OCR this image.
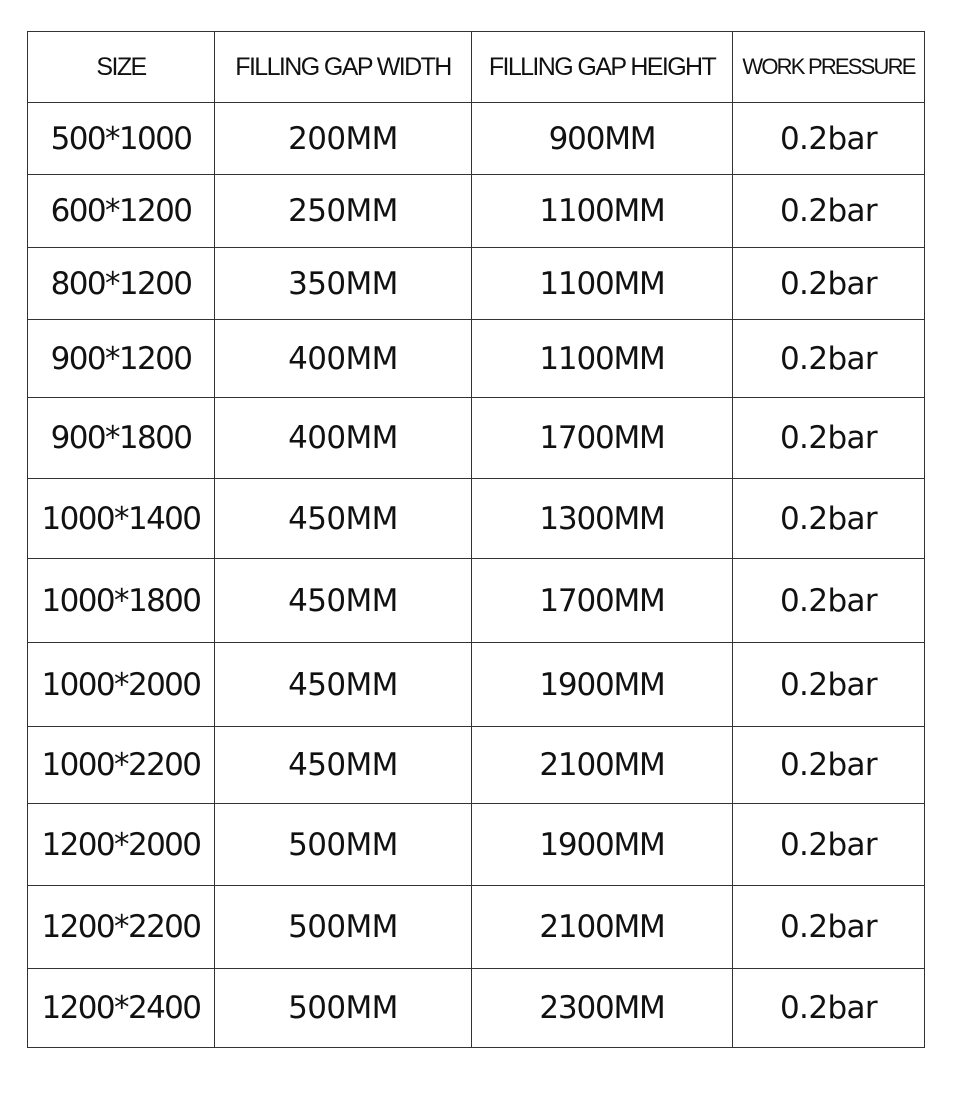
SIZE	FILLING GAP WIDTH	FILLING GAP HEIGHT	WORK PRESSURE
500*1000	200MM	900MM	0.2bar
600*1200	250MM	1100MM	0.2bar
800*1200	350MM	1100MM	0.2bar
900*1200	400MM	1100MM	0.2bar
900*1800	400MM	1700MM	0.2bar
1000*1400	450MM	1300MM	0.2bar
1000*1800	450MM	1700MM	0.2bar
1000*2000	450MM	1900MM	0.2bar
1000*2200	450MM	2100MM	0.2bar
1200*2000	500MM	1900MM	0.2bar
1200*2200	500MM	2100MM	0.2bar
1200*2400	500MM	2300MM	0.2bar
